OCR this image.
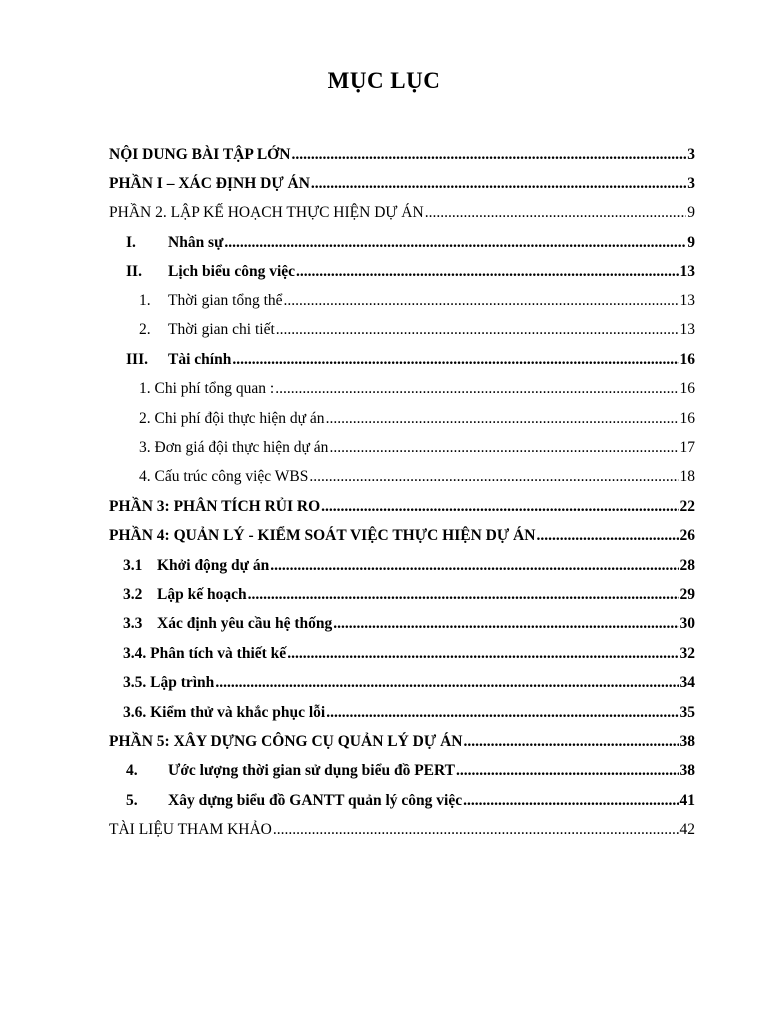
MỤC LỤC
NỘI DUNG BÀI TẬP LỚN .....	3
PHẦN I – XÁC ĐỊNH DỰ ÁN .....	3
PHẦN 2. LẬP KẾ HOẠCH THỰC HIỆN DỰ ÁN .....	9
I.	Nhân sự .....	9
II.	Lịch biểu công việc .....	13
1.	Thời gian tổng thể .....	13
2.	Thời gian chi tiết .....	13
III.	Tài chính .....	16
1. Chi phí tổng quan : .....	16
2. Chi phí đội thực hiện dự án .....	16
3. Đơn giá đội thực hiện dự án .....	17
4. Cấu trúc công việc WBS .....	18
PHẦN 3: PHÂN TÍCH RỦI RO .....	22
PHẦN 4: QUẢN LÝ - KIỂM SOÁT VIỆC THỰC HIỆN DỰ ÁN .....	26
3.1 Khởi động dự án .....	28
3.2 Lập kế hoạch .....	29
3.3 Xác định yêu cầu hệ thống .....	30
3.4. Phân tích và thiết kế .....	32
3.5. Lập trình .....	34
3.6. Kiểm thử và khắc phục lỗi .....	35
PHẦN 5: XÂY DỰNG CÔNG CỤ QUẢN LÝ DỰ ÁN .....	38
4.	Ước lượng thời gian sử dụng biểu đồ PERT .....	38
5.	Xây dựng biểu đồ GANTT quản lý công việc .....	41
TÀI LIỆU THAM KHẢO .....	42
